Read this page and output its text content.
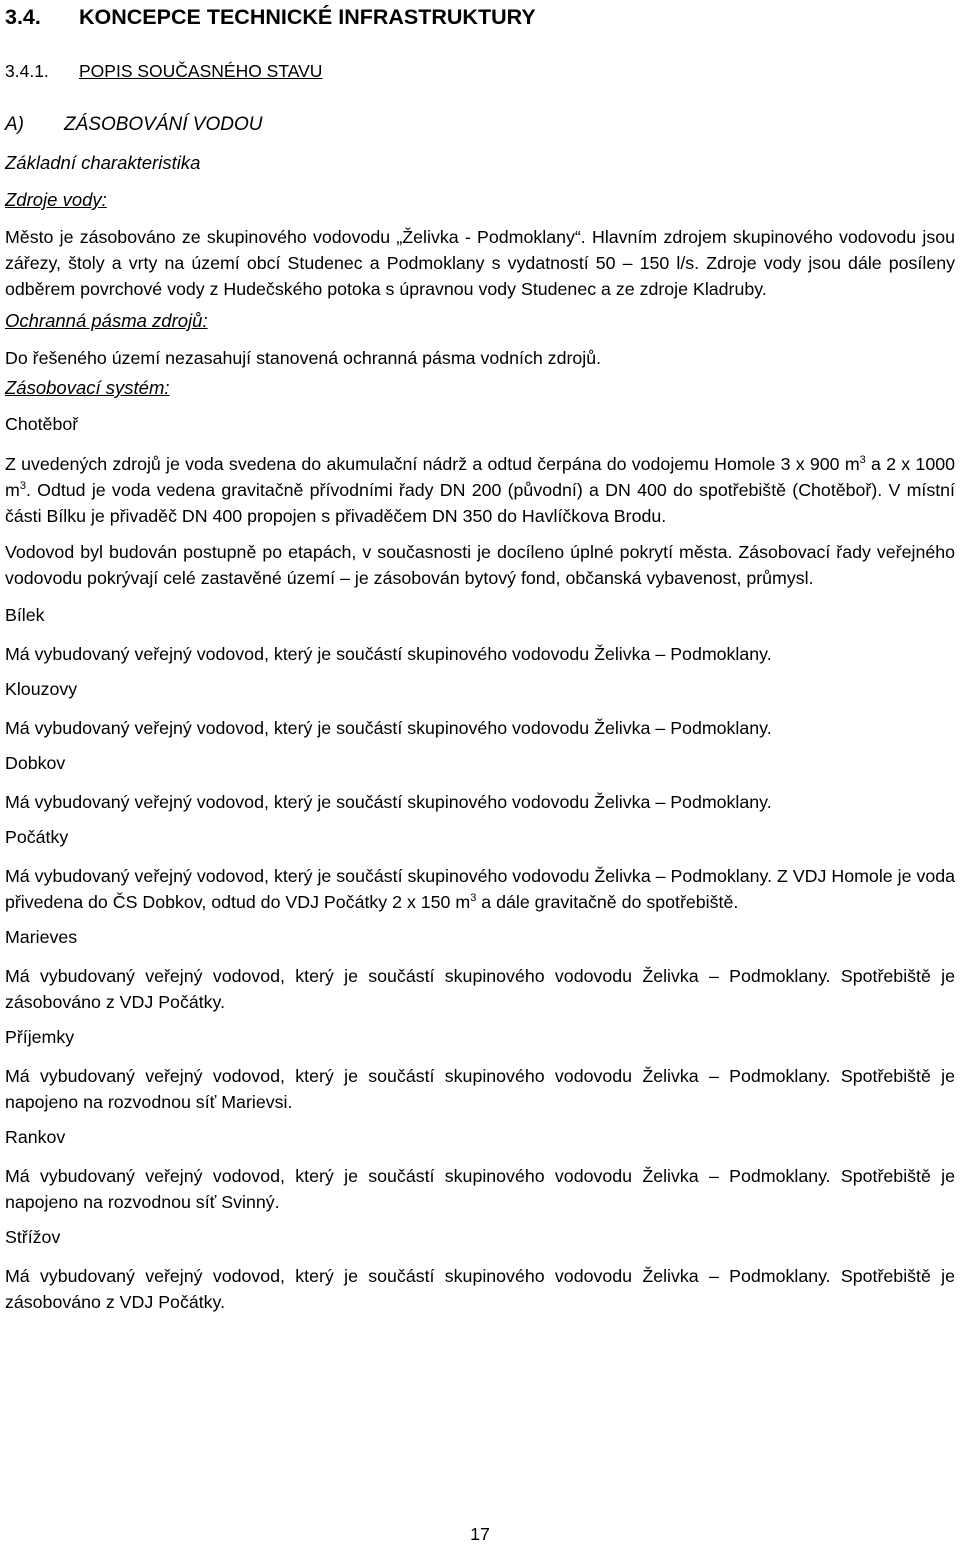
3.4.	KONCEPCE TECHNICKÉ INFRASTRUKTURY
3.4.1.	POPIS SOUČASNÉHO STAVU
A)	ZÁSOBOVÁNÍ VODOU
Základní charakteristika
Zdroje vody:
Město je zásobováno ze skupinového vodovodu „Želivka - Podmoklany“. Hlavním zdrojem skupinového vodovodu jsou zářezy, štoly a vrty na území obcí Studenec a Podmoklany s vydatností 50 – 150 l/s. Zdroje vody jsou dále posíleny odběrem povrchové vody z Hudečského potoka s úpravnou vody Studenec a ze zdroje Kladruby.
Ochranná pásma zdrojů:
Do řešeného území nezasahují stanovená ochranná pásma vodních zdrojů.
Zásobovací systém:
Chotěboř
Z uvedených zdrojů je voda svedena do akumulační nádrž a odtud čerpána do vodojemu Homole 3 x 900 $m^3$ a 2 x 1000 $m^3$. Odtud je voda vedena gravitačně přívodními řady DN 200 (původní) a DN 400 do spotřebiště (Chotěboř). V místní části Bílku je přivaděč DN 400 propojen s přivaděčem DN 350 do Havlíčkova Brodu.
Vodovod byl budován postupně po etapách, v současnosti je docíleno úplné pokrytí města. Zásobovací řady veřejného vodovodu pokrývají celé zastavěné území – je zásobován bytový fond, občanská vybavenost, průmysl.
Bílek
Má vybudovaný veřejný vodovod, který je součástí skupinového vodovodu Želivka – Podmoklany.
Klouzovy
Má vybudovaný veřejný vodovod, který je součástí skupinového vodovodu Želivka – Podmoklany.
Dobkov
Má vybudovaný veřejný vodovod, který je součástí skupinového vodovodu Želivka – Podmoklany.
Počátky
Má vybudovaný veřejný vodovod, který je součástí skupinového vodovodu Želivka – Podmoklany. Z VDJ Homole je voda přivedena do ČS Dobkov, odtud do VDJ Počátky 2 x 150 $m^3$ a dále gravitačně do spotřebiště.
Marieves
Má vybudovaný veřejný vodovod, který je součástí skupinového vodovodu Želivka – Podmoklany. Spotřebiště je zásobováno z VDJ Počátky.
Příjemky
Má vybudovaný veřejný vodovod, který je součástí skupinového vodovodu Želivka – Podmoklany. Spotřebiště je napojeno na rozvodnou síť Marievsi.
Rankov
Má vybudovaný veřejný vodovod, který je součástí skupinového vodovodu Želivka – Podmoklany. Spotřebiště je napojeno na rozvodnou síť Svinný.
Střížov
Má vybudovaný veřejný vodovod, který je součástí skupinového vodovodu Želivka – Podmoklany. Spotřebiště je zásobováno z VDJ Počátky.
17
